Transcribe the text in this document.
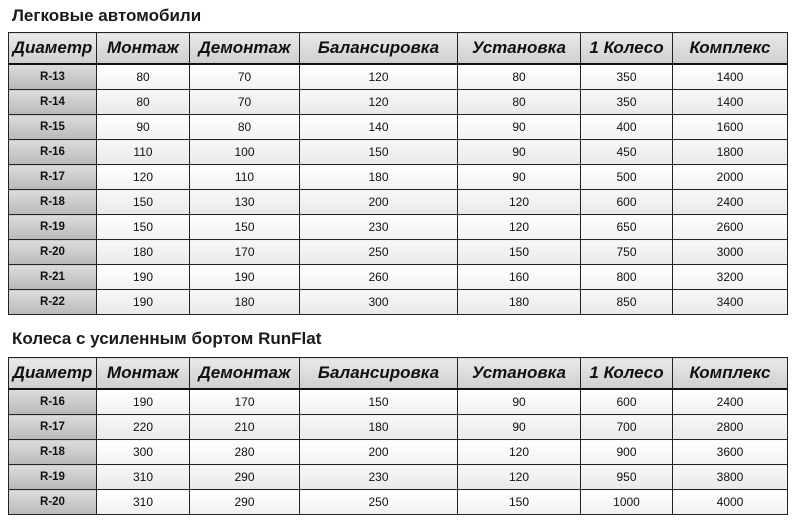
Легковые автомобили
Диаметр	Монтаж	Демонтаж	Балансировка	Установка	1 Колесо	Комплекс
R-13	80	70	120	80	350	1400
R-14	80	70	120	80	350	1400
R-15	90	80	140	90	400	1600
R-16	110	100	150	90	450	1800
R-17	120	110	180	90	500	2000
R-18	150	130	200	120	600	2400
R-19	150	150	230	120	650	2600
R-20	180	170	250	150	750	3000
R-21	190	190	260	160	800	3200
R-22	190	180	300	180	850	3400
Колеса с усиленным бортом RunFlat
Диаметр	Монтаж	Демонтаж	Балансировка	Установка	1 Колесо	Комплекс
R-16	190	170	150	90	600	2400
R-17	220	210	180	90	700	2800
R-18	300	280	200	120	900	3600
R-19	310	290	230	120	950	3800
R-20	310	290	250	150	1000	4000
